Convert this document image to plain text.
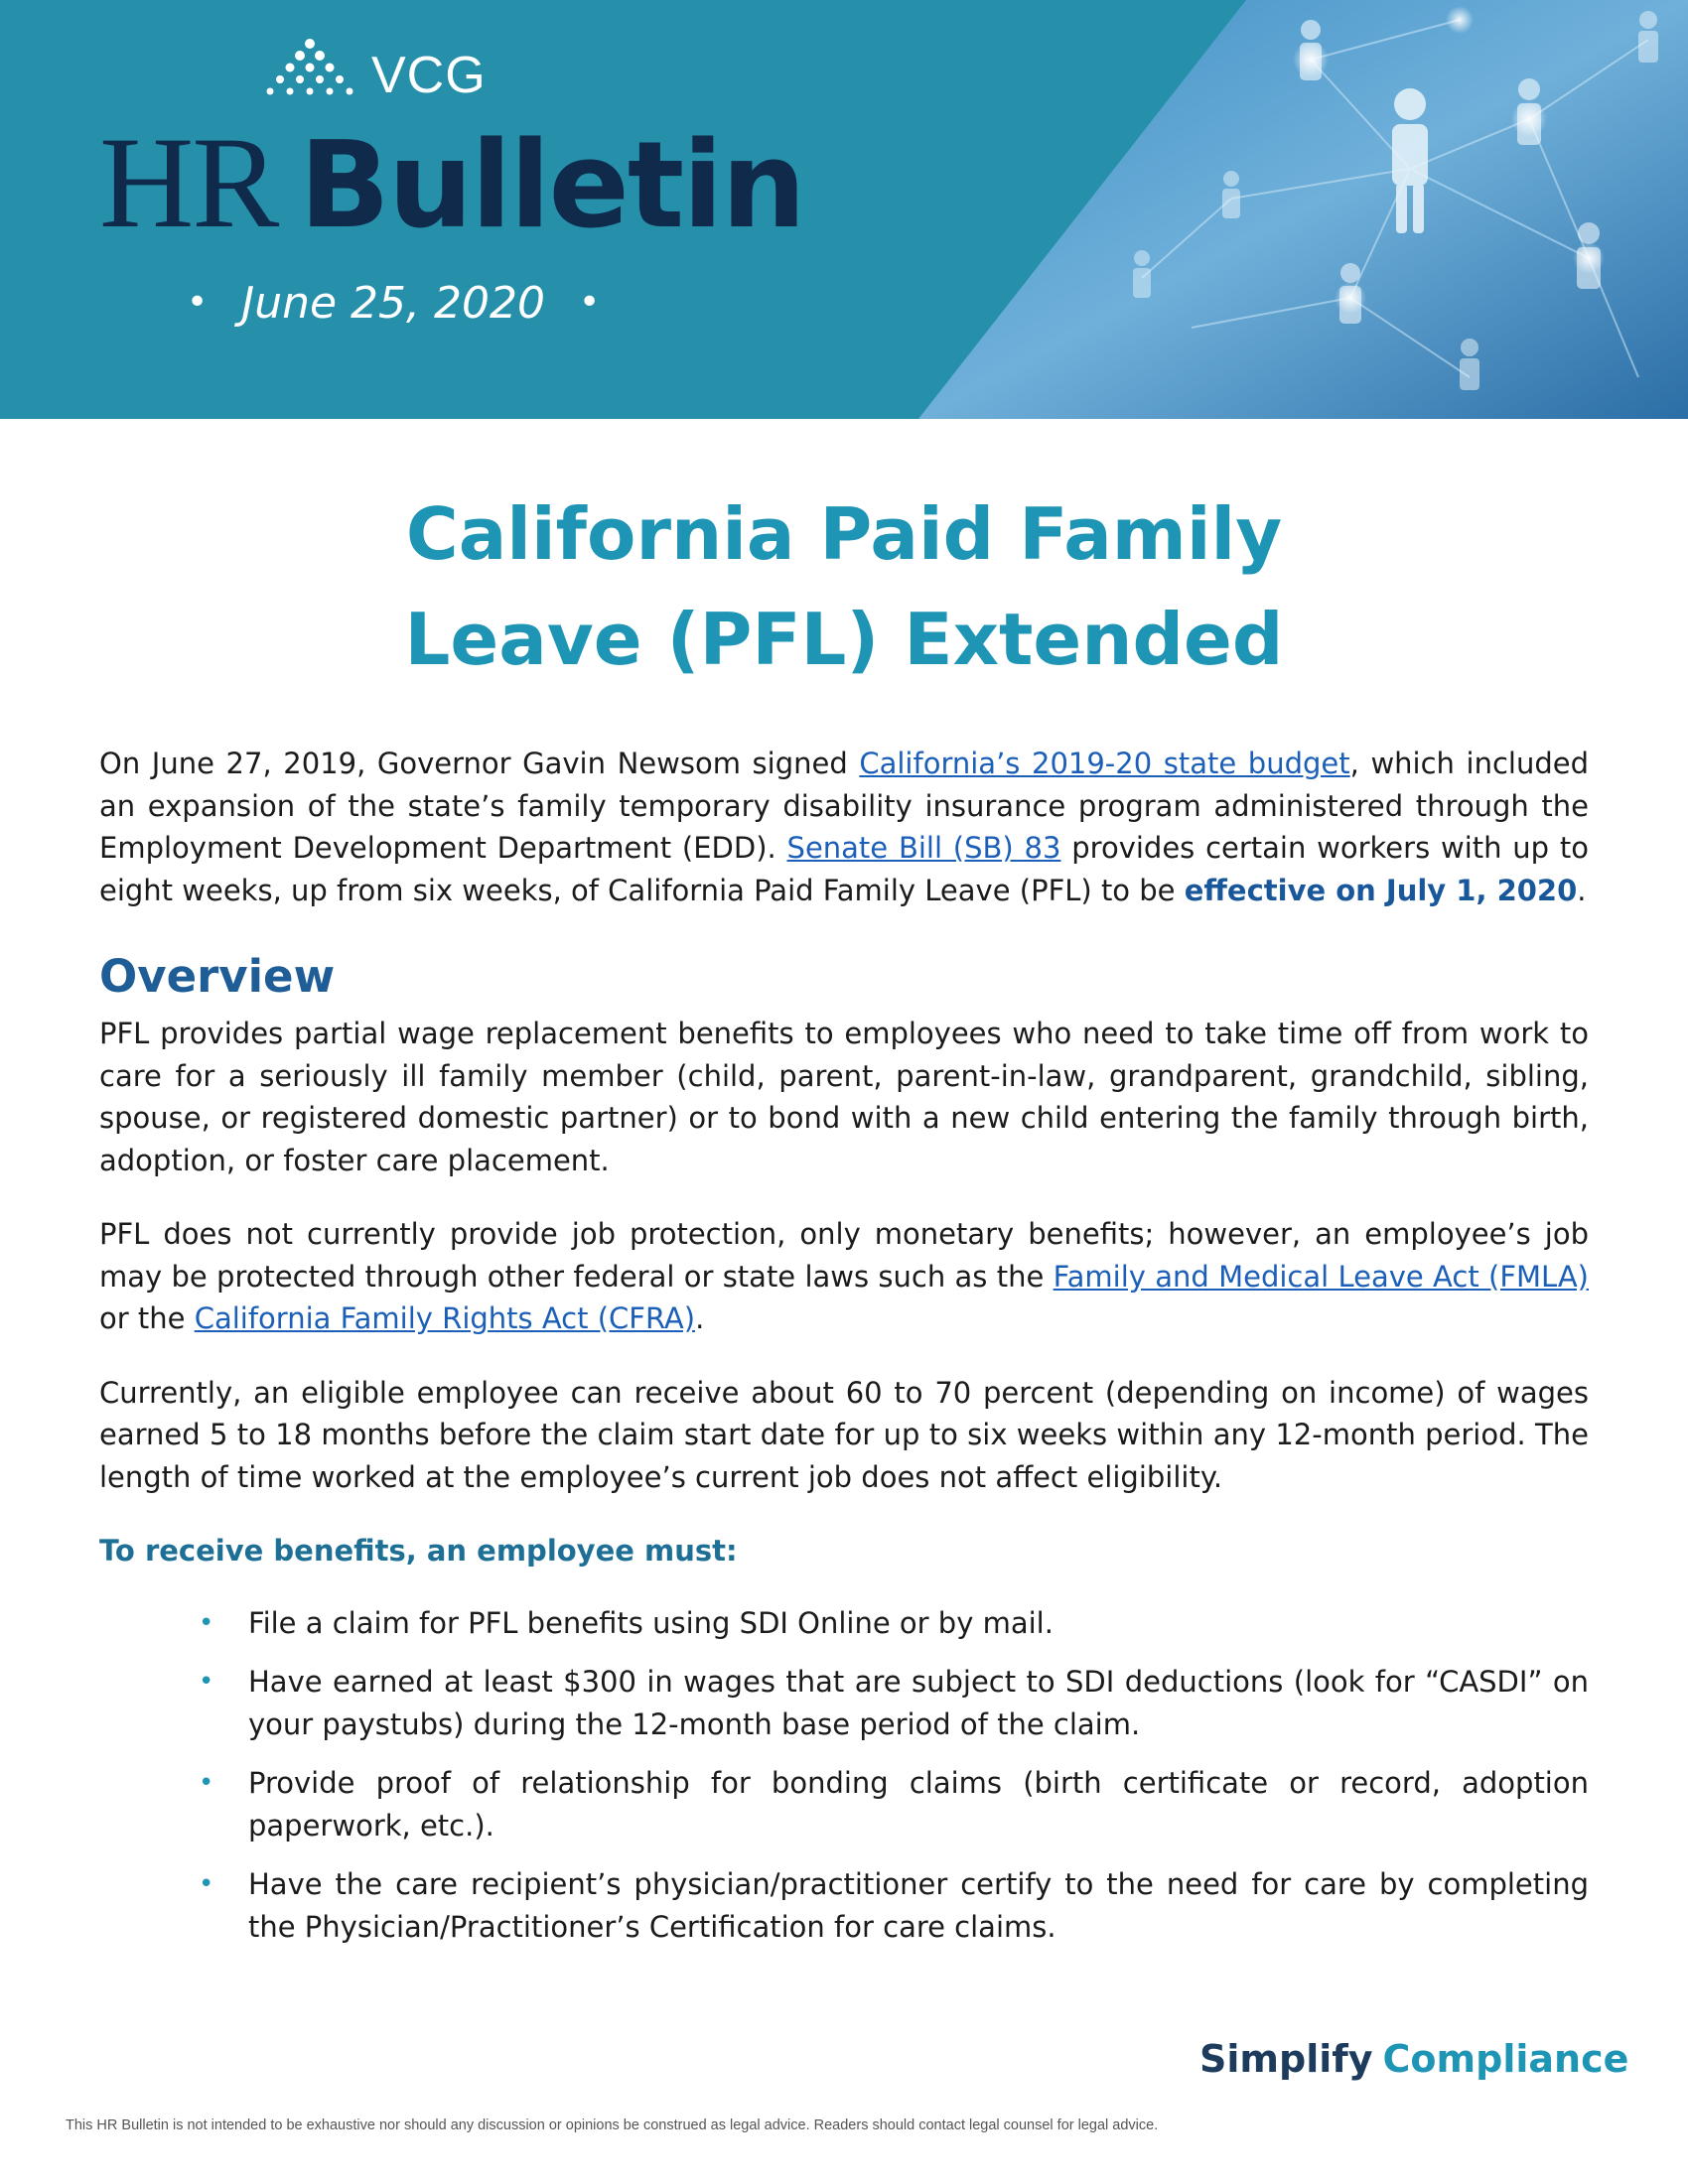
VCG
HR Bulletin
• June 25, 2020 •
California Paid Family
Leave (PFL) Extended

On June 27, 2019, Governor Gavin Newsom signed California’s 2019-20 state budget, which included an expansion of the state’s family temporary disability insurance program administered through the Employment Development Department (EDD). Senate Bill (SB) 83 provides certain workers with up to eight weeks, up from six weeks, of California Paid Family Leave (PFL) to be effective on July 1, 2020.

Overview

PFL provides partial wage replacement benefits to employees who need to take time off from work to care for a seriously ill family member (child, parent, parent-in-law, grandparent, grandchild, sibling, spouse, or registered domestic partner) or to bond with a new child entering the family through birth, adoption, or foster care placement.

PFL does not currently provide job protection, only monetary benefits; however, an employee’s job may be protected through other federal or state laws such as the Family and Medical Leave Act (FMLA) or the California Family Rights Act (CFRA).

Currently, an eligible employee can receive about 60 to 70 percent (depending on income) of wages earned 5 to 18 months before the claim start date for up to six weeks within any 12-month period. The length of time worked at the employee’s current job does not affect eligibility.

To receive benefits, an employee must:

• File a claim for PFL benefits using SDI Online or by mail.
• Have earned at least $300 in wages that are subject to SDI deductions (look for “CASDI” on your paystubs) during the 12-month base period of the claim.
• Provide proof of relationship for bonding claims (birth certificate or record, adoption paperwork, etc.).
• Have the care recipient’s physician/practitioner certify to the need for care by completing the Physician/Practitioner’s Certification for care claims.
Simplify Compliance
This HR Bulletin is not intended to be exhaustive nor should any discussion or opinions be construed as legal advice. Readers should contact legal counsel for legal advice.
